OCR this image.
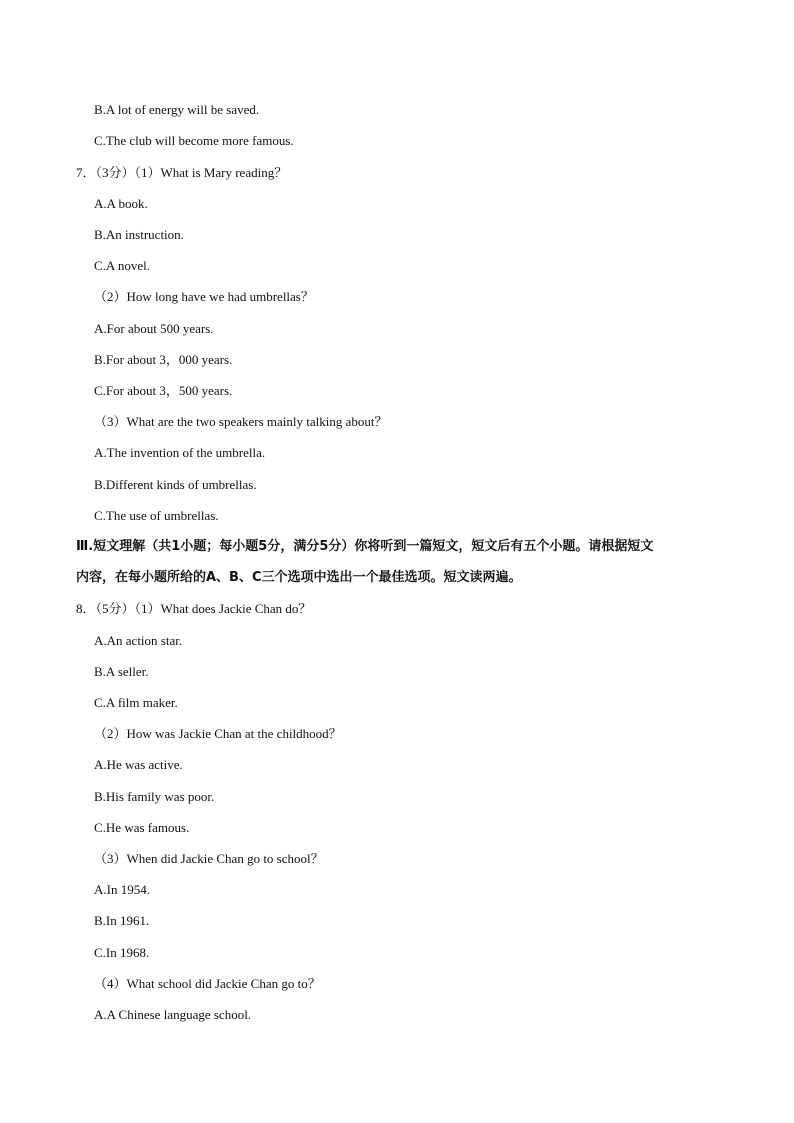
B.A lot of energy will be saved.
C.The club will become more famous.
7．（3分）（1）What is Mary reading？
A.A book.
B.An instruction.
C.A novel.
（2）How long have we had umbrellas？
A.For about 500 years.
B.For about 3，000 years.
C.For about 3，500 years.
（3）What are the two speakers mainly talking about？
A.The invention of the umbrella.
B.Different kinds of umbrellas.
C.The use of umbrellas.
Ⅲ.短文理解（共1小题；每小题5分，满分5分）你将听到一篇短文，短文后有五个小题。请根据短文
内容，在每小题所给的A、B、C三个选项中选出一个最佳选项。短文读两遍。
8．（5分）（1）What does Jackie Chan do？
A.An action star.
B.A seller.
C.A film maker.
（2）How was Jackie Chan at the childhood？
A.He was active.
B.His family was poor.
C.He was famous.
（3）When did Jackie Chan go to school？
A.In 1954.
B.In 1961.
C.In 1968.
（4）What school did Jackie Chan go to？
A.A Chinese language school.
